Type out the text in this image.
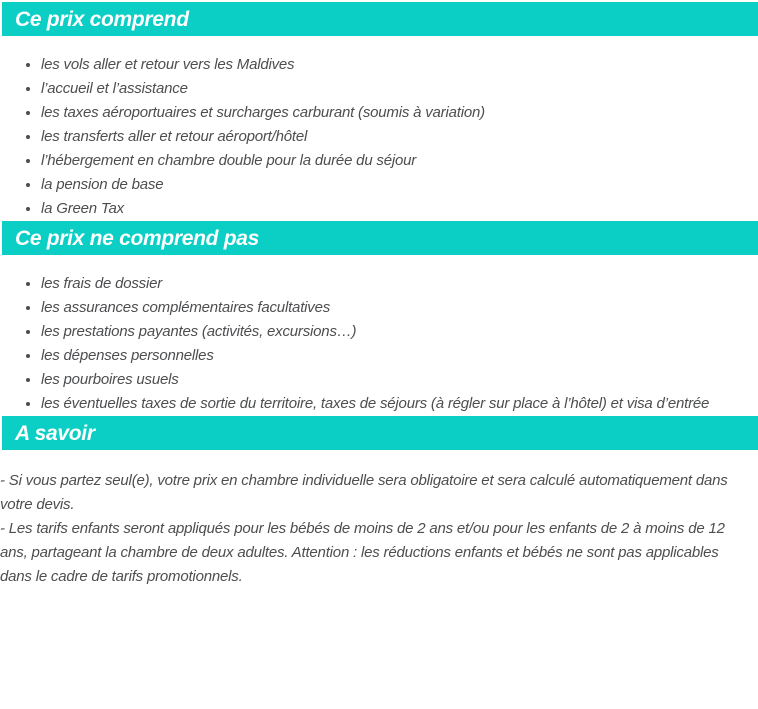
Ce prix comprend
• les vols aller et retour vers les Maldives
• l’accueil et l’assistance
• les taxes aéroportuaires et surcharges carburant (soumis à variation)
• les transferts aller et retour aéroport/hôtel
• l’hébergement en chambre double pour la durée du séjour
• la pension de base
• la Green Tax
Ce prix ne comprend pas
• les frais de dossier
• les assurances complémentaires facultatives
• les prestations payantes (activités, excursions…)
• les dépenses personnelles
• les pourboires usuels
• les éventuelles taxes de sortie du territoire, taxes de séjours (à régler sur place à l’hôtel) et visa d’entrée
A savoir

- Si vous partez seul(e), votre prix en chambre individuelle sera obligatoire et sera calculé automatiquement dans votre devis.

- Les tarifs enfants seront appliqués pour les bébés de moins de 2 ans et/ou pour les enfants de 2 à moins de 12 ans, partageant la chambre de deux adultes. Attention : les réductions enfants et bébés ne sont pas applicables dans le cadre de tarifs promotionnels.
